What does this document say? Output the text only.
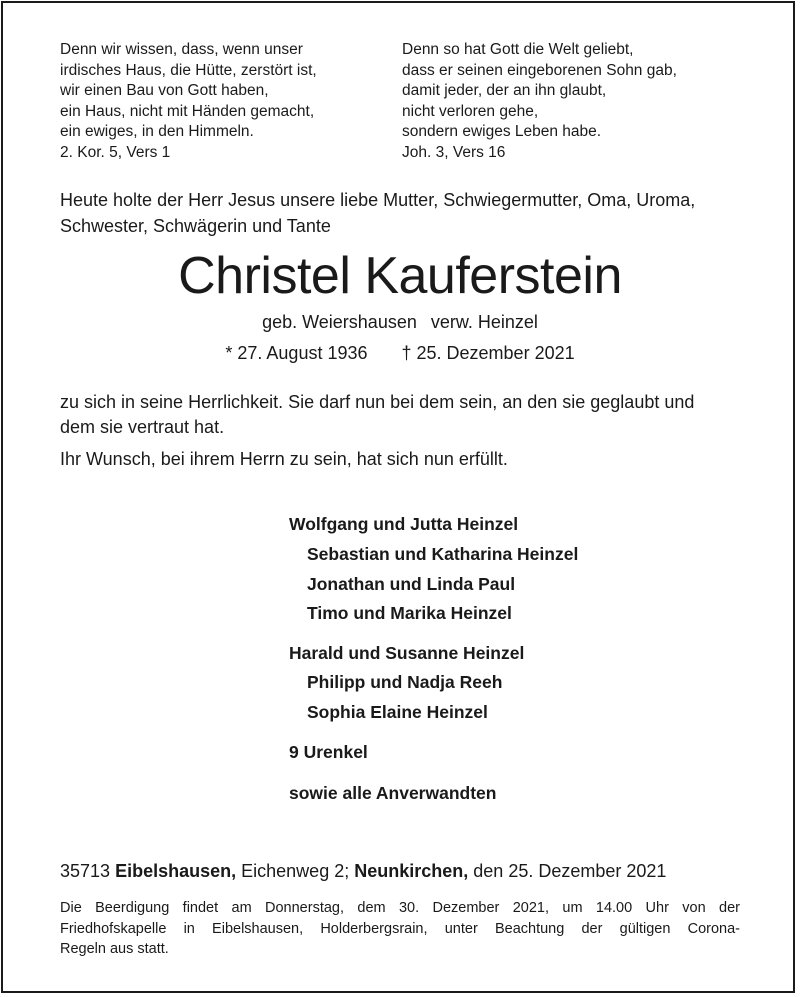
Denn wir wissen, dass, wenn unser
irdisches Haus, die Hütte, zerstört ist,
wir einen Bau von Gott haben,
ein Haus, nicht mit Händen gemacht,
ein ewiges, in den Himmeln.
2. Kor. 5, Vers 1
Denn so hat Gott die Welt geliebt,
dass er seinen eingeborenen Sohn gab,
damit jeder, der an ihn glaubt,
nicht verloren gehe,
sondern ewiges Leben habe.
Joh. 3, Vers 16
Heute holte der Herr Jesus unsere liebe Mutter, Schwiegermutter, Oma, Uroma,
Schwester, Schwägerin und Tante
Christel Kauferstein
geb. Weiershausen verw. Heinzel
* 27. August 1936 † 25. Dezember 2021
zu sich in seine Herrlichkeit. Sie darf nun bei dem sein, an den sie geglaubt und
dem sie vertraut hat.
Ihr Wunsch, bei ihrem Herrn zu sein, hat sich nun erfüllt.
Wolfgang und Jutta Heinzel
Sebastian und Katharina Heinzel
Jonathan und Linda Paul
Timo und Marika Heinzel
Harald und Susanne Heinzel
Philipp und Nadja Reeh
Sophia Elaine Heinzel
9 Urenkel
sowie alle Anverwandten
35713 Eibelshausen, Eichenweg 2; Neunkirchen, den 25. Dezember 2021
Die Beerdigung findet am Donnerstag, dem 30. Dezember 2021, um 14.00 Uhr von der
Friedhofskapelle in Eibelshausen, Holderbergsrain, unter Beachtung der gültigen Corona-
Regeln aus statt.
